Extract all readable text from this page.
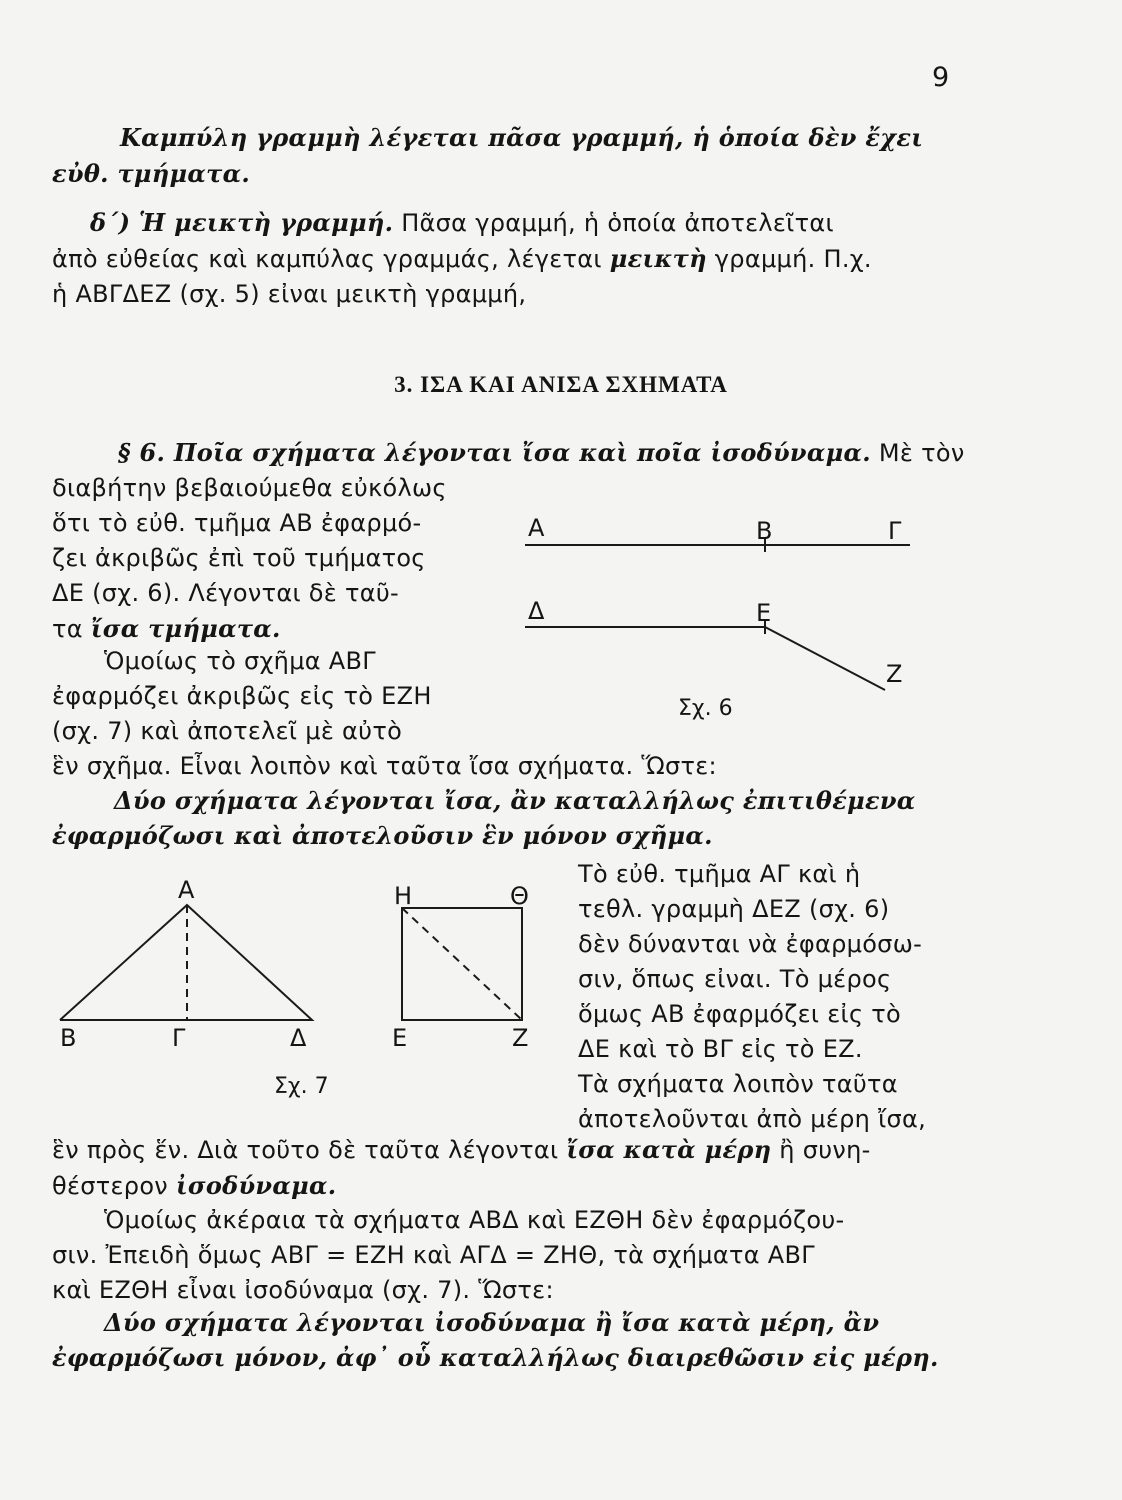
9
Καμπύλη γραμμὴ λέγεται πᾶσα γραμμή, ἡ ὁποία δὲν ἔχει
εὐθ. τμήματα.
δ΄) Ἡ μεικτὴ γραμμή. Πᾶσα γραμμή, ἡ ὁποία ἀποτελεῖται
ἀπὸ εὐθείας καὶ καμπύλας γραμμάς, λέγεται μεικτὴ γραμμή. Π.χ.
ἡ ΑΒΓΔΕΖ (σχ. 5) εἰναι μεικτὴ γραμμή,
3. ΙΣΑ ΚΑΙ ΑΝΙΣΑ ΣΧΗΜΑΤΑ
§ 6. Ποῖα σχήματα λέγονται ἴσα καὶ ποῖα ἰσοδύναμα. Μὲ τὸν
διαβήτην βεβαιούμεθα εὐκόλως
ὅτι τὸ εὐθ. τμῆμα ΑΒ ἐφαρμό-
ζει ἀκριβῶς ἐπὶ τοῦ τμήματος
ΔΕ (σχ. 6). Λέγονται δὲ ταῦ-
τα ἴσα τμήματα.
Ὁμοίως τὸ σχῆμα ΑΒΓ
ἐφαρμόζει ἀκριβῶς εἰς τὸ ΕΖΗ
(σχ. 7) καὶ ἀποτελεῖ μὲ αὐτὸ
ἓν σχῆμα. Εἶναι λοιπὸν καὶ ταῦτα ἴσα σχήματα. Ὥστε:
Δύο σχήματα λέγονται ἴσα, ἂν καταλλήλως ἐπιτιθέμενα
ἐφαρμόζωσι καὶ ἀποτελοῦσιν ἓν μόνον σχῆμα.
Τὸ εὐθ. τμῆμα ΑΓ καὶ ἡ
τεθλ. γραμμὴ ΔΕΖ (σχ. 6)
δὲν δύνανται νὰ ἐφαρμόσω-
σιν, ὅπως εἰναι. Τὸ μέρος
ὅμως ΑΒ ἐφαρμόζει εἰς τὸ
ΔΕ καὶ τὸ ΒΓ εἰς τὸ ΕΖ.
Τὰ σχήματα λοιπὸν ταῦτα
ἀποτελοῦνται ἀπὸ μέρη ἴσα,
ἓν πρὸς ἕν. Διὰ τοῦτο δὲ ταῦτα λέγονται ἴσα κατὰ μέρη ἢ συνη-
θέστερον ἰσοδύναμα.
Ὁμοίως ἀκέραια τὰ σχήματα ΑΒΔ καὶ ΕΖΘΗ δὲν ἐφαρμόζου-
σιν. Ἐπειδὴ ὅμως ΑΒΓ = ΕΖΗ καὶ ΑΓΔ = ΖΗΘ, τὰ σχήματα ΑΒΓ
καὶ ΕΖΘΗ εἶναι ἰσοδύναμα (σχ. 7). Ὥστε:
Δύο σχήματα λέγονται ἰσοδύναμα ἢ ἴσα κατὰ μέρη, ἂν
ἐφαρμόζωσι μόνον, ἀφ᾽ οὗ καταλλήλως διαιρεθῶσιν εἰς μέρη.
Α	Β	Γ
Δ	Ε
Ζ
Σχ. 6
Α
Β	Γ	Δ
Η	Θ
Ε	Ζ
Σχ. 7
